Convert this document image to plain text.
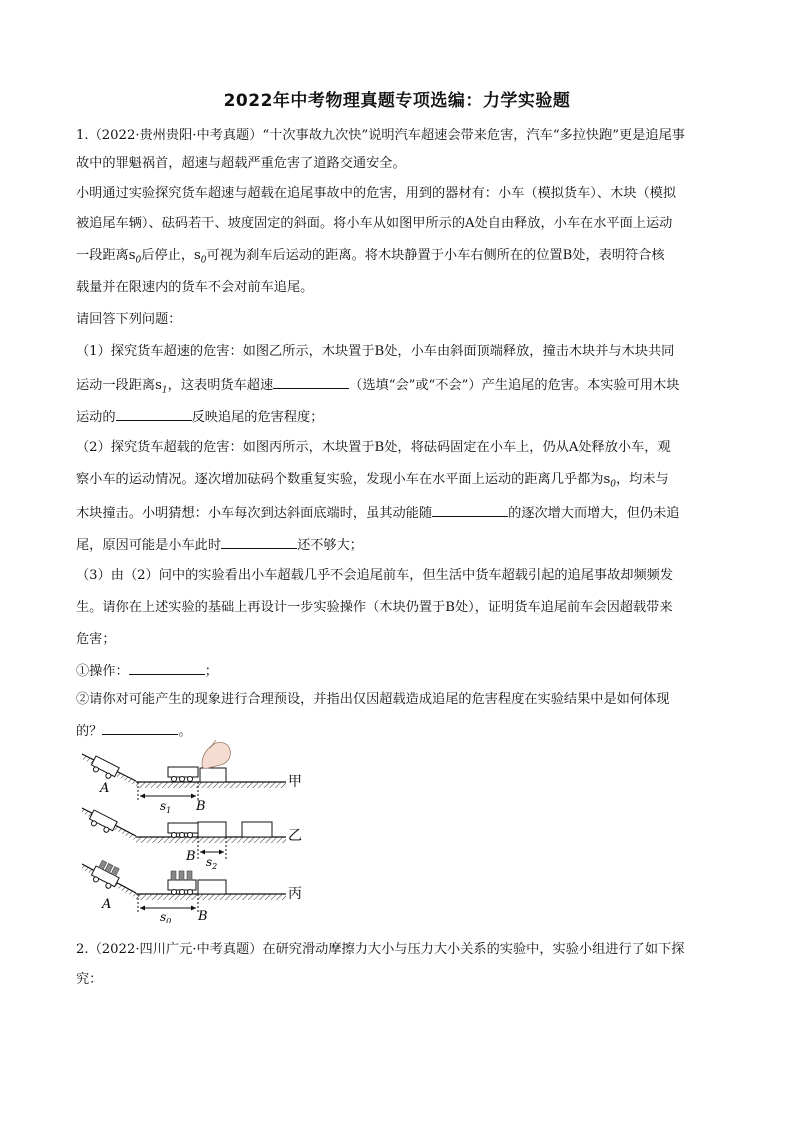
2022年中考物理真题专项选编：力学实验题
1.（2022·贵州贵阳·中考真题）“十次事故九次快”说明汽车超速会带来危害，汽车“多拉快跑”更是追尾事
故中的罪魁祸首，超速与超载严重危害了道路交通安全。
小明通过实验探究货车超速与超载在追尾事故中的危害，用到的器材有：小车（模拟货车）、木块（模拟
被追尾车辆）、砝码若干、坡度固定的斜面。将小车从如图甲所示的A处自由释放，小车在水平面上运动
一段距离$s_0$后停止，$s_0$可视为刹车后运动的距离。将木块静置于小车右侧所在的位置B处，表明符合核
载量并在限速内的货车不会对前车追尾。
请回答下列问题：
（1）探究货车超速的危害：如图乙所示，木块置于B处，小车由斜面顶端释放，撞击木块并与木块共同
运动一段距离$s_1$，这表明货车超速	（选填“会”或“不会”）产生追尾的危害。本实验可用木块
运动的	反映追尾的危害程度；
（2）探究货车超载的危害：如图丙所示，木块置于B处，将砝码固定在小车上，仍从A处释放小车，观
察小车的运动情况。逐次增加砝码个数重复实验，发现小车在水平面上运动的距离几乎都为$s_0$，均未与
木块撞击。小明猜想：小车每次到达斜面底端时，虽其动能随	的逐次增大而增大，但仍未追
尾，原因可能是小车此时	还不够大；
（3）由（2）问中的实验看出小车超载几乎不会追尾前车，但生活中货车超载引起的追尾事故却频频发
生。请你在上述实验的基础上再设计一步实验操作（木块仍置于B处），证明货车追尾前车会因超载带来
危害；
①操作：	；
②请你对可能产生的现象进行合理预设，并指出仅因超载造成追尾的危害程度在实验结果中是如何体现
的？	。
A
$s_1$ B
甲
B $s_2$
乙
A
$s_0$ B
丙
2.（2022·四川广元·中考真题）在研究滑动摩擦力大小与压力大小关系的实验中，实验小组进行了如下探
究：
